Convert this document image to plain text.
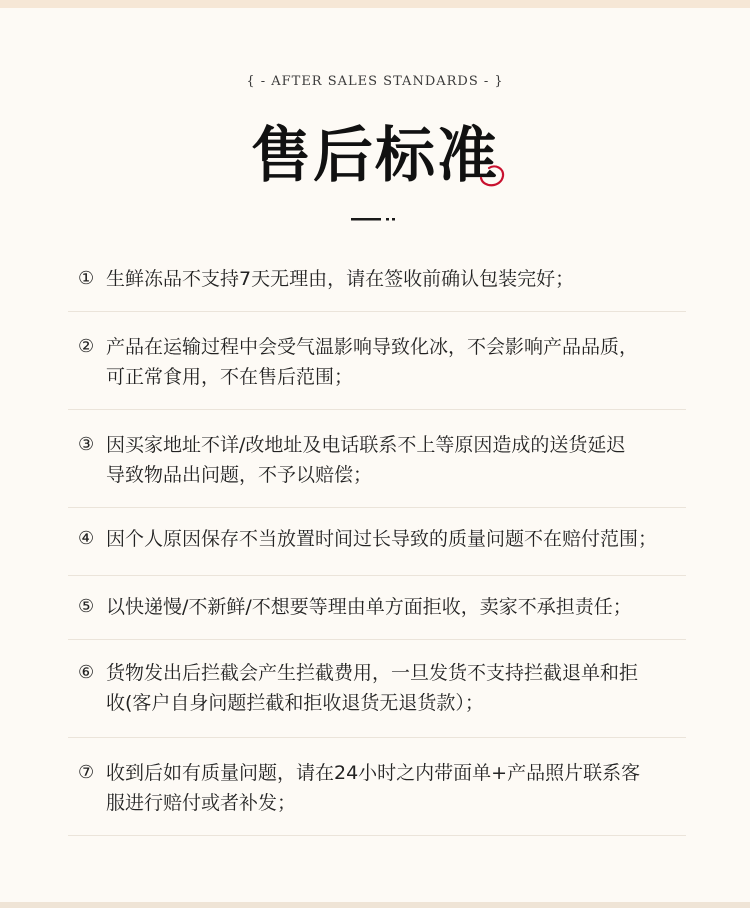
{ - AFTER SALES STANDARDS - }
售后标准
① 生鲜冻品不支持7天无理由，请在签收前确认包装完好；
② 产品在运输过程中会受气温影响导致化冰，不会影响产品品质，
可正常食用，不在售后范围；
③ 因买家地址不详/改地址及电话联系不上等原因造成的送货延迟
导致物品出问题，不予以赔偿；
④ 因个人原因保存不当放置时间过长导致的质量问题不在赔付范围；
⑤ 以快递慢/不新鲜/不想要等理由单方面拒收，卖家不承担责任；
⑥ 货物发出后拦截会产生拦截费用，一旦发货不支持拦截退单和拒
收(客户自身问题拦截和拒收退货无退货款）；
⑦ 收到后如有质量问题，请在24小时之内带面单+产品照片联系客
服进行赔付或者补发；
